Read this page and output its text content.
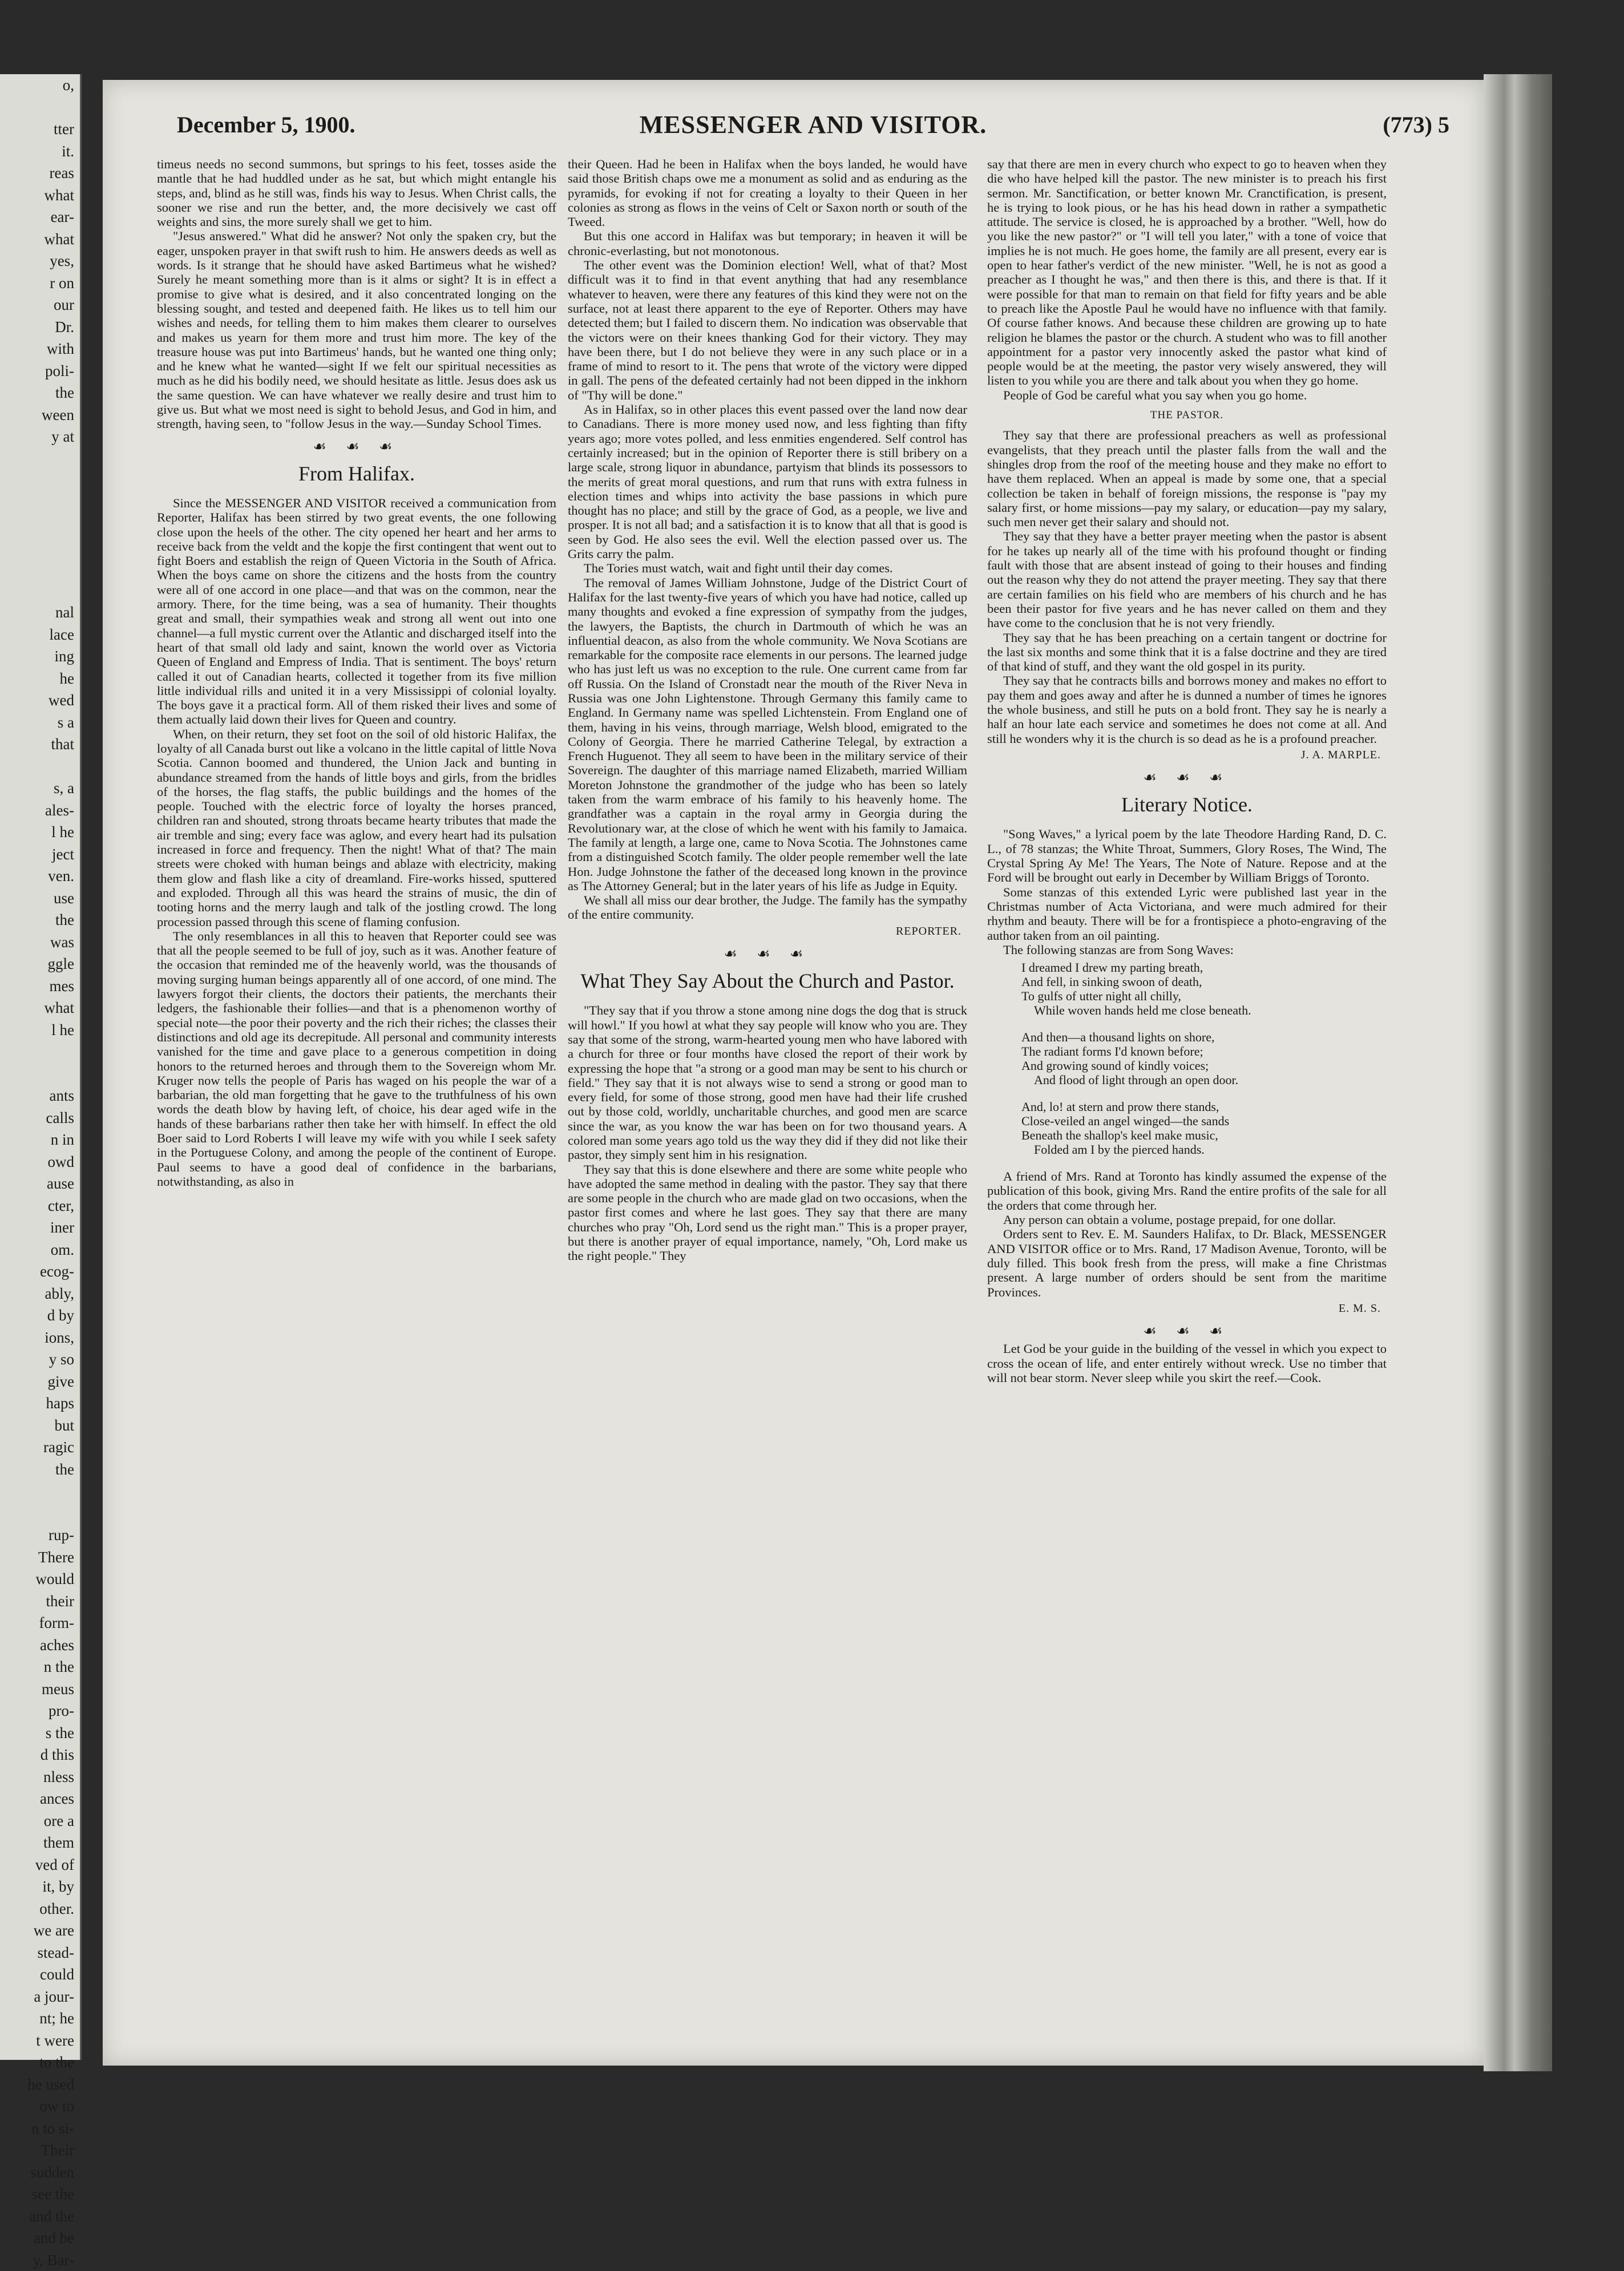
o,

tter
it.
reas
what
ear-
what
yes,
r on
our
Dr.
with
poli-
the
ween
y at

nal
lace
ing
he
wed
s a
that

s, a
ales-
l he
ject
ven.
use
the
was
ggle
mes
what
l he

ants
calls
n in
owd
ause
cter,
iner
om.
ecog-
ably,
d by
ions,
y so
give
haps
but
ragic
the

rup-
There
would
their
form-
aches
n the
meus
pro-
s the
d this
nless
ances
ore a
them
ved of
it, by
other.
we are
stead-
could
a jour-
nt; he
t were
to the
he used
ow to
n to si-
Their
sudden
see the
and the
and be
y, Bar-
December 5, 1900.	MESSENGER AND VISITOR.	(773) 5

timeus needs no second summons, but springs to his feet, tosses aside the mantle that he had huddled under as he sat, but which might entangle his steps, and, blind as he still was, finds his way to Jesus. When Christ calls, the sooner we rise and run the better, and, the more decisively we cast off weights and sins, the more surely shall we get to him.

"Jesus answered." What did he answer? Not only the spaken cry, but the eager, unspoken prayer in that swift rush to him. He answers deeds as well as words. Is it strange that he should have asked Bartimeus what he wished? Surely he meant something more than is it alms or sight? It is in effect a promise to give what is desired, and it also concentrated longing on the blessing sought, and tested and deepened faith. He likes us to tell him our wishes and needs, for telling them to him makes them clearer to ourselves and makes us yearn for them more and trust him more. The key of the treasure house was put into Bartimeus' hands, but he wanted one thing only; and he knew what he wanted—sight If we felt our spiritual necessities as much as he did his bodily need, we should hesitate as little. Jesus does ask us the same question. We can have whatever we really desire and trust him to give us. But what we most need is sight to behold Jesus, and God in him, and strength, having seen, to "follow Jesus in the way.—Sunday School Times.

☙ ☙ ☙
From Halifax.

Since the MESSENGER AND VISITOR received a communication from Reporter, Halifax has been stirred by two great events, the one following close upon the heels of the other. The city opened her heart and her arms to receive back from the veldt and the kopje the first contingent that went out to fight Boers and establish the reign of Queen Victoria in the South of Africa. When the boys came on shore the citizens and the hosts from the country were all of one accord in one place—and that was on the common, near the armory. There, for the time being, was a sea of humanity. Their thoughts great and small, their sympathies weak and strong all went out into one channel—a full mystic current over the Atlantic and discharged itself into the heart of that small old lady and saint, known the world over as Victoria Queen of England and Empress of India. That is sentiment. The boys' return called it out of Canadian hearts, collected it together from its five million little individual rills and united it in a very Mississippi of colonial loyalty. The boys gave it a practical form. All of them risked their lives and some of them actually laid down their lives for Queen and country.

When, on their return, they set foot on the soil of old historic Halifax, the loyalty of all Canada burst out like a volcano in the little capital of little Nova Scotia. Cannon boomed and thundered, the Union Jack and bunting in abundance streamed from the hands of little boys and girls, from the bridles of the horses, the flag staffs, the public buildings and the homes of the people. Touched with the electric force of loyalty the horses pranced, children ran and shouted, strong throats became hearty tributes that made the air tremble and sing; every face was aglow, and every heart had its pulsation increased in force and frequency. Then the night! What of that? The main streets were choked with human beings and ablaze with electricity, making them glow and flash like a city of dreamland. Fire-works hissed, sputtered and exploded. Through all this was heard the strains of music, the din of tooting horns and the merry laugh and talk of the jostling crowd. The long procession passed through this scene of flaming confusion.

The only resemblances in all this to heaven that Reporter could see was that all the people seemed to be full of joy, such as it was. Another feature of the occasion that reminded me of the heavenly world, was the thousands of moving surging human beings apparently all of one accord, of one mind. The lawyers forgot their clients, the doctors their patients, the merchants their ledgers, the fashionable their follies—and that is a phenomenon worthy of special note—the poor their poverty and the rich their riches; the classes their distinctions and old age its decrepitude. All personal and community interests vanished for the time and gave place to a generous competition in doing honors to the returned heroes and through them to the Sovereign whom Mr. Kruger now tells the people of Paris has waged on his people the war of a barbarian, the old man forgetting that he gave to the truthfulness of his own words the death blow by having left, of choice, his dear aged wife in the hands of these barbarians rather then take her with himself. In effect the old Boer said to Lord Roberts I will leave my wife with you while I seek safety in the Portuguese Colony, and among the people of the continent of Europe. Paul seems to have a good deal of confidence in the barbarians, notwithstanding, as also in

their Queen. Had he been in Halifax when the boys landed, he would have said those British chaps owe me a monument as solid and as enduring as the pyramids, for evoking if not for creating a loyalty to their Queen in her colonies as strong as flows in the veins of Celt or Saxon north or south of the Tweed.

But this one accord in Halifax was but temporary; in heaven it will be chronic-everlasting, but not monotonous.

The other event was the Dominion election! Well, what of that? Most difficult was it to find in that event anything that had any resemblance whatever to heaven, were there any features of this kind they were not on the surface, not at least there apparent to the eye of Reporter. Others may have detected them; but I failed to discern them. No indication was observable that the victors were on their knees thanking God for their victory. They may have been there, but I do not believe they were in any such place or in a frame of mind to resort to it. The pens that wrote of the victory were dipped in gall. The pens of the defeated certainly had not been dipped in the inkhorn of "Thy will be done."

As in Halifax, so in other places this event passed over the land now dear to Canadians. There is more money used now, and less fighting than fifty years ago; more votes polled, and less enmities engendered. Self control has certainly increased; but in the opinion of Reporter there is still bribery on a large scale, strong liquor in abundance, partyism that blinds its possessors to the merits of great moral questions, and rum that runs with extra fulness in election times and whips into activity the base passions in which pure thought has no place; and still by the grace of God, as a people, we live and prosper. It is not all bad; and a satisfaction it is to know that all that is good is seen by God. He also sees the evil. Well the election passed over us. The Grits carry the palm.

The Tories must watch, wait and fight until their day comes.

The removal of James William Johnstone, Judge of the District Court of Halifax for the last twenty-five years of which you have had notice, called up many thoughts and evoked a fine expression of sympathy from the judges, the lawyers, the Baptists, the church in Dartmouth of which he was an influential deacon, as also from the whole community. We Nova Scotians are remarkable for the composite race elements in our persons. The learned judge who has just left us was no exception to the rule. One current came from far off Russia. On the Island of Cronstadt near the mouth of the River Neva in Russia was one John Lightenstone. Through Germany this family came to England. In Germany name was spelled Lichtenstein. From England one of them, having in his veins, through marriage, Welsh blood, emigrated to the Colony of Georgia. There he married Catherine Telegal, by extraction a French Huguenot. They all seem to have been in the military service of their Sovereign. The daughter of this marriage named Elizabeth, married William Moreton Johnstone the grandmother of the judge who has been so lately taken from the warm embrace of his family to his heavenly home. The grandfather was a captain in the royal army in Georgia during the Revolutionary war, at the close of which he went with his family to Jamaica. The family at length, a large one, came to Nova Scotia. The Johnstones came from a distinguished Scotch family. The older people remember well the late Hon. Judge Johnstone the father of the deceased long known in the province as The Attorney General; but in the later years of his life as Judge in Equity.

We shall all miss our dear brother, the Judge. The family has the sympathy of the entire community.

REPORTER.
☙ ☙ ☙
What They Say About the Church and Pastor.

"They say that if you throw a stone among nine dogs the dog that is struck will howl." If you howl at what they say people will know who you are. They say that some of the strong, warm-hearted young men who have labored with a church for three or four months have closed the report of their work by expressing the hope that "a strong or a good man may be sent to his church or field." They say that it is not always wise to send a strong or good man to every field, for some of those strong, good men have had their life crushed out by those cold, worldly, uncharitable churches, and good men are scarce since the war, as you know the war has been on for two thousand years. A colored man some years ago told us the way they did if they did not like their pastor, they simply sent him in his resignation.

They say that this is done elsewhere and there are some white people who have adopted the same method in dealing with the pastor. They say that there are some people in the church who are made glad on two occasions, when the pastor first comes and where he last goes. They say that there are many churches who pray "Oh, Lord send us the right man." This is a proper prayer, but there is another prayer of equal importance, namely, "Oh, Lord make us the right people." They

say that there are men in every church who expect to go to heaven when they die who have helped kill the pastor. The new minister is to preach his first sermon. Mr. Sanctification, or better known Mr. Cranctification, is present, he is trying to look pious, or he has his head down in rather a sympathetic attitude. The service is closed, he is approached by a brother. "Well, how do you like the new pastor?" or "I will tell you later," with a tone of voice that implies he is not much. He goes home, the family are all present, every ear is open to hear father's verdict of the new minister. "Well, he is not as good a preacher as I thought he was," and then there is this, and there is that. If it were possible for that man to remain on that field for fifty years and be able to preach like the Apostle Paul he would have no influence with that family. Of course father knows. And because these children are growing up to hate religion he blames the pastor or the church. A student who was to fill another appointment for a pastor very innocently asked the pastor what kind of people would be at the meeting, the pastor very wisely answered, they will listen to you while you are there and talk about you when they go home.

People of God be careful what you say when you go home.

THE PASTOR.

They say that there are professional preachers as well as professional evangelists, that they preach until the plaster falls from the wall and the shingles drop from the roof of the meeting house and they make no effort to have them replaced. When an appeal is made by some one, that a special collection be taken in behalf of foreign missions, the response is "pay my salary first, or home missions—pay my salary, or education—pay my salary, such men never get their salary and should not.

They say that they have a better prayer meeting when the pastor is absent for he takes up nearly all of the time with his profound thought or finding fault with those that are absent instead of going to their houses and finding out the reason why they do not attend the prayer meeting. They say that there are certain families on his field who are members of his church and he has been their pastor for five years and he has never called on them and they have come to the conclusion that he is not very friendly.

They say that he has been preaching on a certain tangent or doctrine for the last six months and some think that it is a false doctrine and they are tired of that kind of stuff, and they want the old gospel in its purity.

They say that he contracts bills and borrows money and makes no effort to pay them and goes away and after he is dunned a number of times he ignores the whole business, and still he puts on a bold front. They say he is nearly a half an hour late each service and sometimes he does not come at all. And still he wonders why it is the church is so dead as he is a profound preacher.

J. A. MARPLE.
☙ ☙ ☙
Literary Notice.

"Song Waves," a lyrical poem by the late Theodore Harding Rand, D. C. L., of 78 stanzas; the White Throat, Summers, Glory Roses, The Wind, The Crystal Spring Ay Me! The Years, The Note of Nature. Repose and at the Ford will be brought out early in December by William Briggs of Toronto.

Some stanzas of this extended Lyric were published last year in the Christmas number of Acta Victoriana, and were much admired for their rhythm and beauty. There will be for a frontispiece a photo-engraving of the author taken from an oil painting.

The following stanzas are from Song Waves:

I dreamed I drew my parting breath,
And fell, in sinking swoon of death,
To gulfs of utter night all chilly,
While woven hands held me close beneath.
And then—a thousand lights on shore,
The radiant forms I'd known before;
And growing sound of kindly voices;
And flood of light through an open door.
And, lo! at stern and prow there stands,
Close-veiled an angel winged—the sands
Beneath the shallop's keel make music,
Folded am I by the pierced hands.

A friend of Mrs. Rand at Toronto has kindly assumed the expense of the publication of this book, giving Mrs. Rand the entire profits of the sale for all the orders that come through her.

Any person can obtain a volume, postage prepaid, for one dollar.

Orders sent to Rev. E. M. Saunders Halifax, to Dr. Black, MESSENGER AND VISITOR office or to Mrs. Rand, 17 Madison Avenue, Toronto, will be duly filled. This book fresh from the press, will make a fine Christmas present. A large number of orders should be sent from the maritime Provinces.

E. M. S.
☙ ☙ ☙

Let God be your guide in the building of the vessel in which you expect to cross the ocean of life, and enter entirely without wreck. Use no timber that will not bear storm. Never sleep while you skirt the reef.—Cook.
